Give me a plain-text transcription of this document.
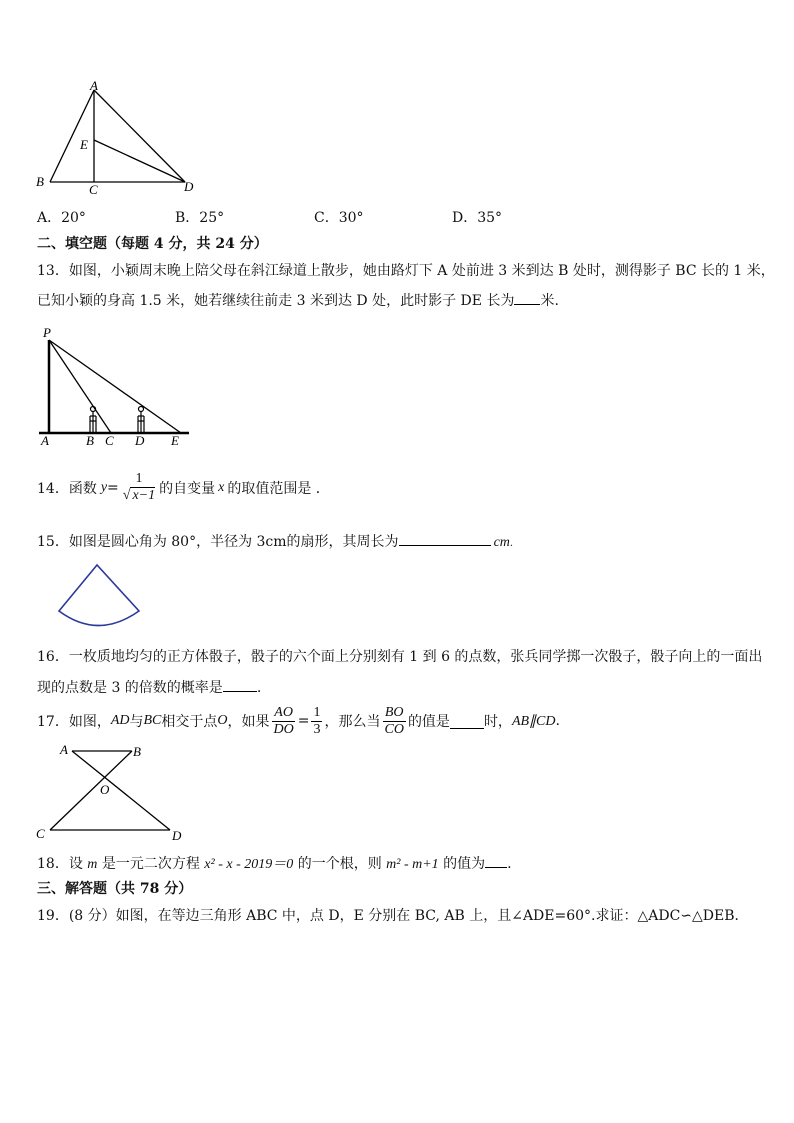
A
B
C	D
E
A．20°	B．25°	C．30°	D．35°
二、填空题（每题 4 分，共 24 分）
13．如图，小颖周末晚上陪父母在斜江绿道上散步，她由路灯下 A 处前进 3 米到达 B 处时，测得影子 BC 长的 1 米，
已知小颖的身高 1.5 米，她若继续往前走 3 米到达 D 处，此时影子 DE 长为 米.
P
A	B C D E
14．函数 $y = \frac{1}{√ x-1}$ 的自变量 x 的取值范围是 ．
15．如图是圆心角为 80°，半径为 3cm的扇形，其周长为	cm.
16．一枚质地均匀的正方体骰子，骰子的六个面上分别刻有 1 到 6 的点数，张兵同学掷一次骰子，骰子向上的一面出
现的点数是 3 的倍数的概率是 .
17．如图， AD 与 BC 相交于点 O ，如果 $\frac{AO}{DO} = \frac{1}{3}$ ，那么当 $\frac{BO}{CO}$ 的值是 时， AB∥CD .
A	B
C	D
O
18．设 m 是一元二次方程 x² - x - 2019＝0 的一个根，则 m² - m+1 的值为 .
三、解答题（共 78 分）
19．(8 分）如图，在等边三角形 ABC 中，点 D，E 分别在 BC, AB 上，且∠ADE=60°.求证：△ADC∽△DEB．
